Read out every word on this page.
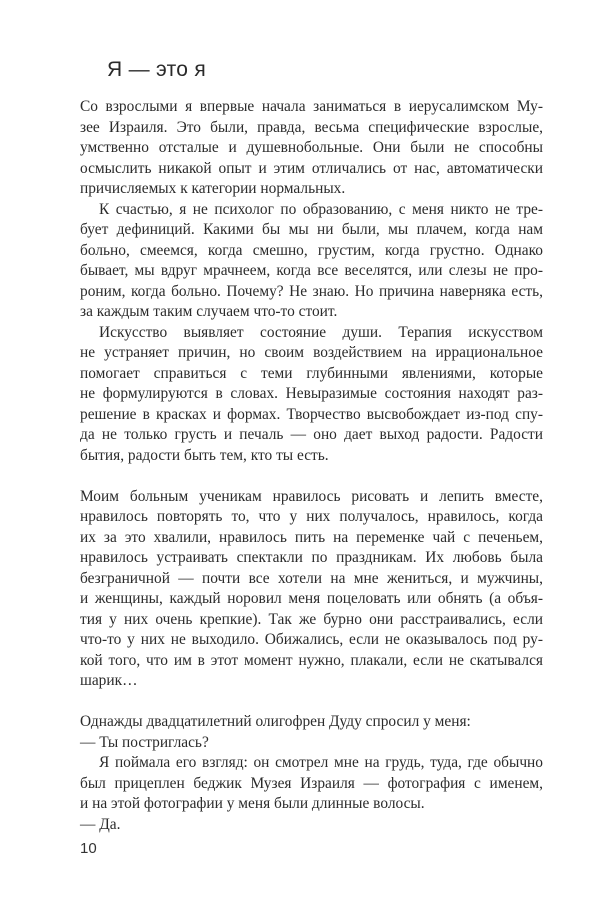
Я — это я
Со взрослыми я впервые начала заниматься в иерусалимском Му-
зее Израиля. Это были, правда, весьма специфические взрослые,
умственно отсталые и душевнобольные. Они были не способны
осмыслить никакой опыт и этим отличались от нас, автоматически
причисляемых к категории нормальных.
К счастью, я не психолог по образованию, с меня никто не тре-
бует дефиниций. Какими бы мы ни были, мы плачем, когда нам
больно, смеемся, когда смешно, грустим, когда грустно. Однако
бывает, мы вдруг мрачнеем, когда все веселятся, или слезы не про-
роним, когда больно. Почему? Не знаю. Но причина наверняка есть,
за каждым таким случаем что-то стоит.
Искусство выявляет состояние души. Терапия искусством
не устраняет причин, но своим воздействием на иррациональное
помогает справиться с теми глубинными явлениями, которые
не формулируются в словах. Невыразимые состояния находят раз-
решение в красках и формах. Творчество высвобождает из-под спу-
да не только грусть и печаль — оно дает выход радости. Радости
бытия, радости быть тем, кто ты есть.
Моим больным ученикам нравилось рисовать и лепить вместе,
нравилось повторять то, что у них получалось, нравилось, когда
их за это хвалили, нравилось пить на переменке чай с печеньем,
нравилось устраивать спектакли по праздникам. Их любовь была
безграничной — почти все хотели на мне жениться, и мужчины,
и женщины, каждый норовил меня поцеловать или обнять (а объя-
тия у них очень крепкие). Так же бурно они расстраивались, если
что-то у них не выходило. Обижались, если не оказывалось под ру-
кой того, что им в этот момент нужно, плакали, если не скатывался
шарик…
Однажды двадцатилетний олигофрен Дуду спросил у меня:
— Ты постриглась?
Я поймала его взгляд: он смотрел мне на грудь, туда, где обычно
был прицеплен беджик Музея Израиля — фотография с именем,
и на этой фотографии у меня были длинные волосы.
— Да.
10
